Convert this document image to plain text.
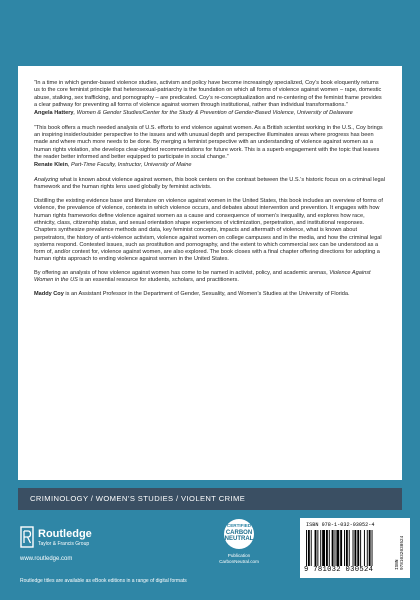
“In a time in which gender-based violence studies, activism and policy have become increasingly specialized, Coy’s book eloquently returns us to the core feminist principle that heterosexual-patriarchy is the foundation on which all forms of violence against women – rape, domestic abuse, stalking, sex trafficking, and pornography – are predicated. Coy’s re-conceptualization and re-centering of the feminist frame provides a clear pathway for preventing all forms of violence against women through institutional, rather than individual transformations.”

Angela Hattery, Women & Gender Studies/Center for the Study & Prevention of Gender-Based Violence, University of Delaware

“This book offers a much needed analysis of U.S. efforts to end violence against women. As a British scientist working in the U.S., Coy brings an inspiring insider/outsider perspective to the issues and with unusual depth and perspective illuminates areas where progress has been made and where much more needs to be done. By merging a feminist perspective with an understanding of violence against women as a human rights violation, she develops clear-sighted recommendations for future work. This is a superb engagement with the topic that leaves the reader better informed and better equipped to participate in social change.”

Renate Klein, Part-Time Faculty, Instructor, University of Maine

Analyzing what is known about violence against women, this book centers on the contrast between the U.S.’s historic focus on a criminal legal framework and the human rights lens used globally by feminist activists.

Distilling the existing evidence base and literature on violence against women in the United States, this book includes an overview of forms of violence, the prevalence of violence, contexts in which violence occurs, and debates about intervention and prevention. It engages with how human rights frameworks define violence against women as a cause and consequence of women’s inequality, and explores how race, ethnicity, class, citizenship status, and sexual orientation shape experiences of victimization, perpetration, and institutional responses. Chapters synthesize prevalence methods and data, key feminist concepts, impacts and aftermath of violence, what is known about perpetrators, the history of anti-violence activism, violence against women on college campuses and in the media, and how the criminal legal systems respond. Contested issues, such as prostitution and pornography, and the extent to which commercial sex can be understood as a form of, and/or context for, violence against women, are also explored. The book closes with a final chapter offering directions for adopting a human rights approach to ending violence against women in the United States.

By offering an analysis of how violence against women has come to be named in activist, policy, and academic arenas, Violence Against Women in the US is an essential resource for students, scholars, and practitioners.

Maddy Coy is an Assistant Professor in the Department of Gender, Sexuality, and Women’s Studies at the University of Florida.

CRIMINOLOGY / WOMEN’S STUDIES / VIOLENT CRIME
Routledge
Taylor & Francis Group
www.routledge.com
Routledge titles are available as eBook editions in a range of digital formats
CERTIFIED
CARBON
NEUTRAL
Publication
CarbonNeutral.com
ISBN 978-1-032-03052-4
9 781032 030524	ISBN 9781032030524
